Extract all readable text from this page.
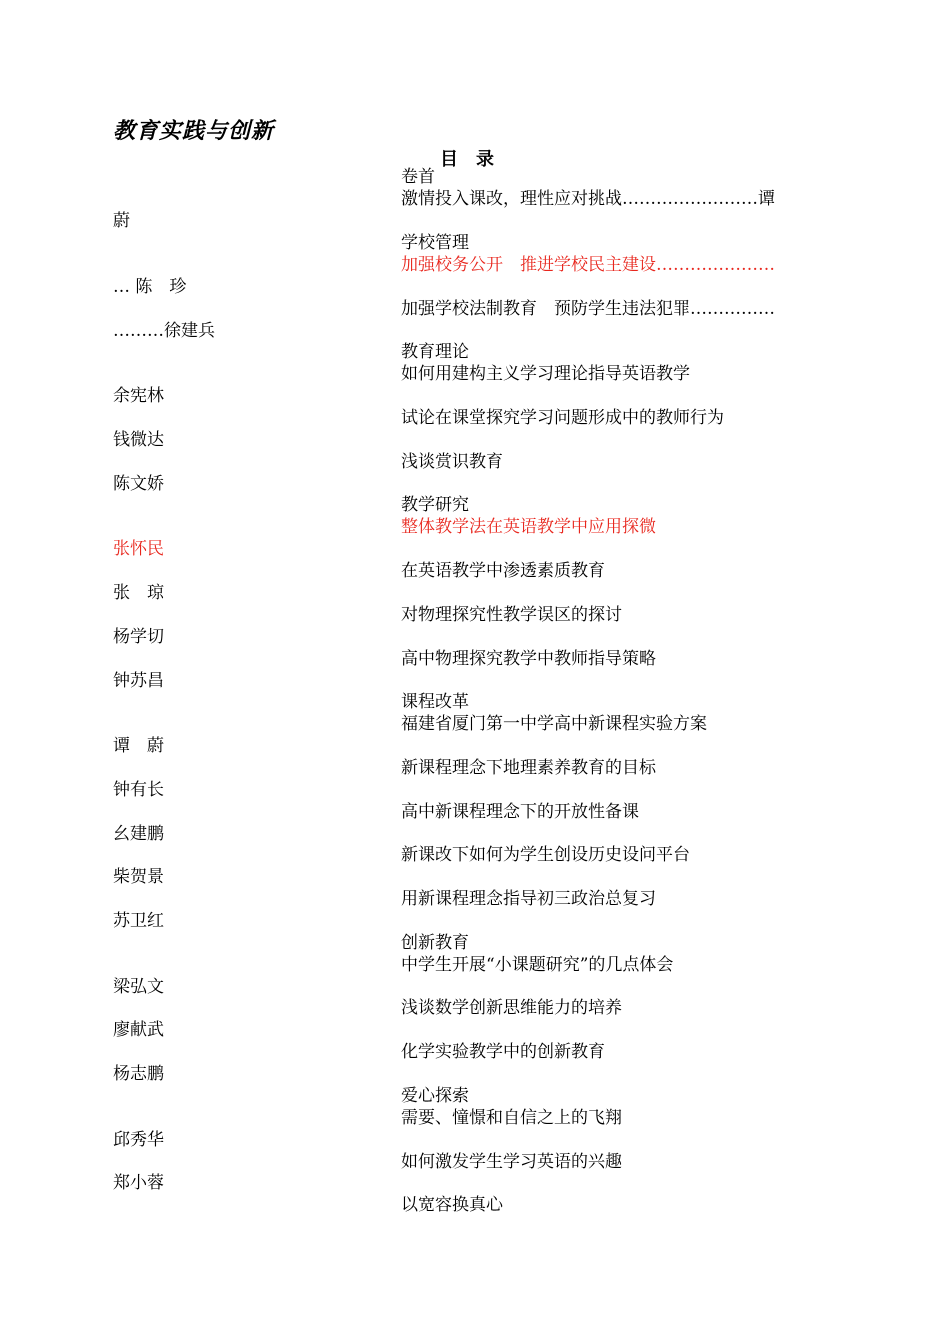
教育实践与创新
目　录
卷首
学校管理
教育理论
教学研究
课程改革
创新教育
爱心探索
激情投入课改，理性应对挑战……………………谭
加强校务公开　推进学校民主建设…………………
加强学校法制教育　预防学生违法犯罪……………
如何用建构主义学习理论指导英语教学
试论在课堂探究学习问题形成中的教师行为
浅谈赏识教育
整体教学法在英语教学中应用探微
在英语教学中渗透素质教育
对物理探究性教学误区的探讨
高中物理探究教学中教师指导策略
福建省厦门第一中学高中新课程实验方案
新课程理念下地理素养教育的目标
高中新课程理念下的开放性备课
新课改下如何为学生创设历史设问平台
用新课程理念指导初三政治总复习
中学生开展“小课题研究”的几点体会
浅谈数学创新思维能力的培养
化学实验教学中的创新教育
需要、憧憬和自信之上的飞翔
如何激发学生学习英语的兴趣
以宽容换真心
蔚
… 陈　珍
………徐建兵
余宪林
钱微达
陈文娇
张怀民
张　琼
杨学切
钟苏昌
谭　蔚
钟有长
幺建鹏
柴贺景
苏卫红
梁弘文
廖献武
杨志鹏
邱秀华
郑小蓉
